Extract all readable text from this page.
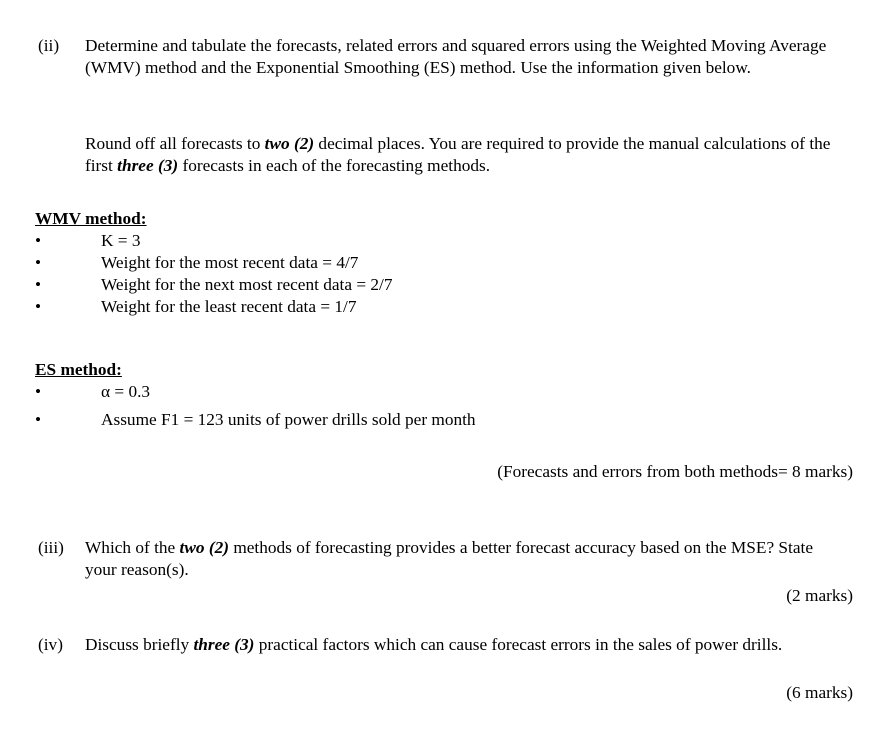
(ii) Determine and tabulate the forecasts, related errors and squared errors using the Weighted Moving Average (WMV) method and the Exponential Smoothing (ES) method. Use the information given below.
Round off all forecasts to two (2) decimal places. You are required to provide the manual calculations of the first three (3) forecasts in each of the forecasting methods.
WMV method:
•	K = 3
•	Weight for the most recent data = 4/7
•	Weight for the next most recent data = 2/7
•	Weight for the least recent data = 1/7
ES method:
•	α = 0.3
•	Assume F1 = 123 units of power drills sold per month
(Forecasts and errors from both methods= 8 marks)
(iii) Which of the two (2) methods of forecasting provides a better forecast accuracy based on the MSE? State your reason(s).
(2 marks)
(iv) Discuss briefly three (3) practical factors which can cause forecast errors in the sales of power drills.
(6 marks)
